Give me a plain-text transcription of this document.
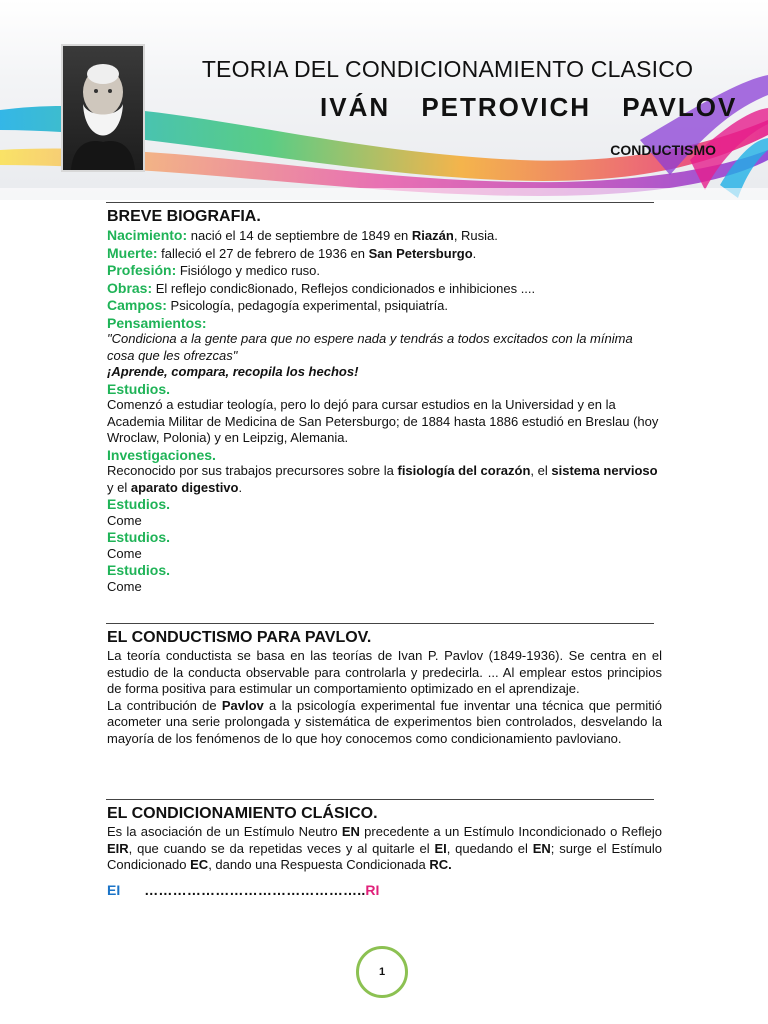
TEORIA DEL CONDICIONAMIENTO CLASICO
IVÁN PETROVICH PAVLOV
CONDUCTISMO
BREVE BIOGRAFIA.

Nacimiento: nació el 14 de septiembre de 1849 en Riazán, Rusia.

Muerte: falleció el 27 de febrero de 1936 en San Petersburgo.

Profesión: Fisiólogo y medico ruso.

Obras: El reflejo condic8ionado, Reflejos condicionados e inhibiciones ....

Campos: Psicología, pedagogía experimental, psiquiatría.

Pensamientos:

"Condiciona a la gente para que no espere nada y tendrás a todos excitados con la mínima cosa que les ofrezcas"

¡Aprende, compara, recopila los hechos!

Estudios.

Comenzó a estudiar teología, pero lo dejó para cursar estudios en la Universidad y en la Academia Militar de Medicina de San Petersburgo; de 1884 hasta 1886 estudió en Breslau (hoy Wroclaw, Polonia) y en Leipzig, Alemania.

Investigaciones.

Reconocido por sus trabajos precursores sobre la fisiología del corazón, el sistema nervioso y el aparato digestivo.

Estudios.

Come

Estudios.

Come

Estudios.

Come

EL CONDUCTISMO PARA PAVLOV.

La teoría conductista se basa en las teorías de Ivan P. Pavlov (1849-1936). Se centra en el estudio de la conducta observable para controlarla y predecirla. ... Al emplear estos principios de forma positiva para estimular un comportamiento optimizado en el aprendizaje.

La contribución de Pavlov a la psicología experimental fue inventar una técnica que permitió acometer una serie prolongada y sistemática de experimentos bien controlados, desvelando la mayoría de los fenómenos de lo que hoy conocemos como condicionamiento pavloviano.

EL CONDICIONAMIENTO CLÁSICO.

Es la asociación de un Estímulo Neutro EN precedente a un Estímulo Incondicionado o Reflejo EIR, que cuando se da repetidas veces y al quitarle el EI, quedando el EN; surge el Estímulo Condicionado EC, dando una Respuesta Condicionada RC.

EI ………………………………………..RI
1
